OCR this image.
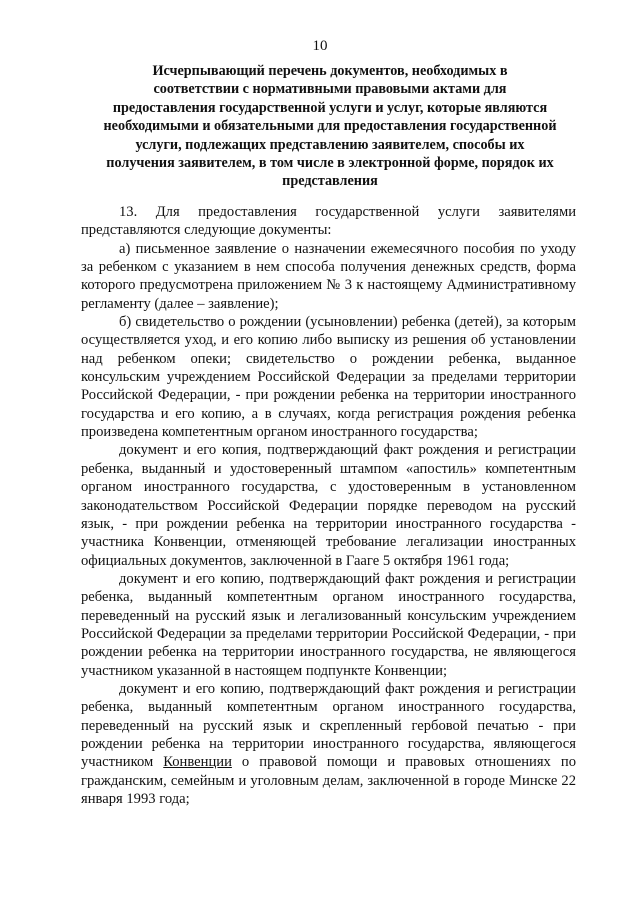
10
Исчерпывающий перечень документов, необходимых в
соответствии с нормативными правовыми актами для
предоставления государственной услуги и услуг, которые являются
необходимыми и обязательными для предоставления государственной
услуги, подлежащих представлению заявителем, способы их
получения заявителем, в том числе в электронной форме, порядок их
представления

13. Для предоставления государственной услуги заявителями представляются следующие документы:

а) письменное заявление о назначении ежемесячного пособия по уходу за ребенком с указанием в нем способа получения денежных средств, форма которого предусмотрена приложением № 3 к настоящему Административному регламенту (далее – заявление);

б) свидетельство о рождении (усыновлении) ребенка (детей), за которым осуществляется уход, и его копию либо выписку из решения об установлении над ребенком опеки; свидетельство о рождении ребенка, выданное консульским учреждением Российской Федерации за пределами территории Российской Федерации, - при рождении ребенка на территории иностранного государства и его копию, а в случаях, когда регистрация рождения ребенка произведена компетентным органом иностранного государства;

документ и его копия, подтверждающий факт рождения и регистрации ребенка, выданный и удостоверенный штампом «апостиль» компетентным органом иностранного государства, с удостоверенным в установленном законодательством Российской Федерации порядке переводом на русский язык, - при рождении ребенка на территории иностранного государства - участника Конвенции, отменяющей требование легализации иностранных официальных документов, заключенной в Гааге 5 октября 1961 года;

документ и его копию, подтверждающий факт рождения и регистрации ребенка, выданный компетентным органом иностранного государства, переведенный на русский язык и легализованный консульским учреждением Российской Федерации за пределами территории Российской Федерации, - при рождении ребенка на территории иностранного государства, не являющегося участником указанной в настоящем подпункте Конвенции;

документ и его копию, подтверждающий факт рождения и регистрации ребенка, выданный компетентным органом иностранного государства, переведенный на русский язык и скрепленный гербовой печатью - при рождении ребенка на территории иностранного государства, являющегося участником Конвенции о правовой помощи и правовых отношениях по гражданским, семейным и уголовным делам, заключенной в городе Минске 22 января 1993 года;
